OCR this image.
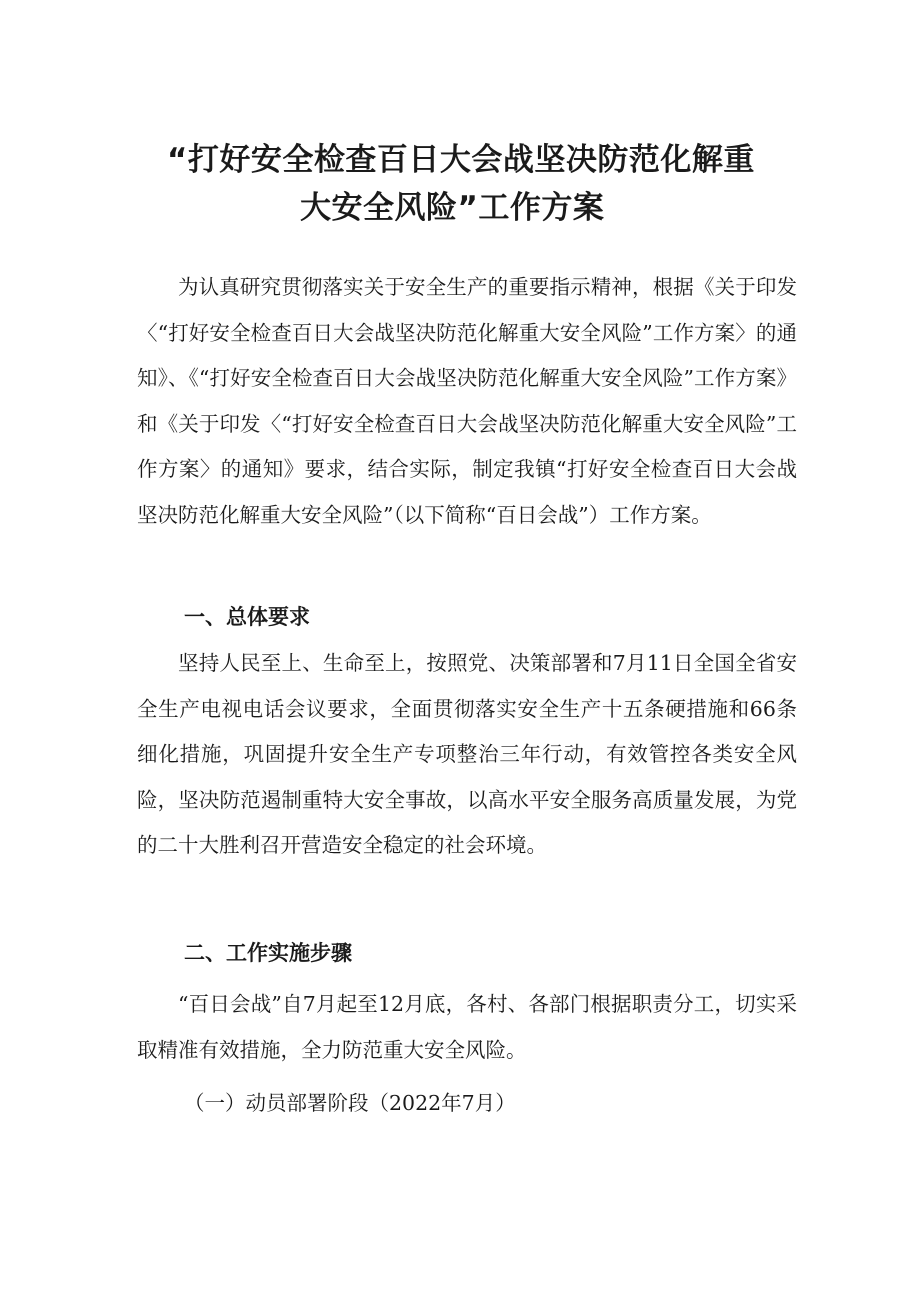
“打好安全检查百日大会战坚决防范化解重
大安全风险”工作方案

为认真研究贯彻落实关于安全生产的重要指示精神，根据《关于印发〈“打好安全检查百日大会战坚决防范化解重大安全风险”工作方案〉的通知》、《“打好安全检查百日大会战坚决防范化解重大安全风险”工作方案》和《关于印发〈“打好安全检查百日大会战坚决防范化解重大安全风险”工作方案〉的通知》要求，结合实际，制定我镇“打好安全检查百日大会战坚决防范化解重大安全风险”（以下简称“百日会战”）工作方案。

一、总体要求

坚持人民至上、生命至上，按照党、决策部署和7月11日全国全省安全生产电视电话会议要求，全面贯彻落实安全生产十五条硬措施和66条细化措施，巩固提升安全生产专项整治三年行动，有效管控各类安全风险，坚决防范遏制重特大安全事故，以高水平安全服务高质量发展，为党的二十大胜利召开营造安全稳定的社会环境。

二、工作实施步骤

“百日会战”自7月起至12月底，各村、各部门根据职责分工，切实采取精准有效措施，全力防范重大安全风险。

（一）动员部署阶段（2022年7月）
